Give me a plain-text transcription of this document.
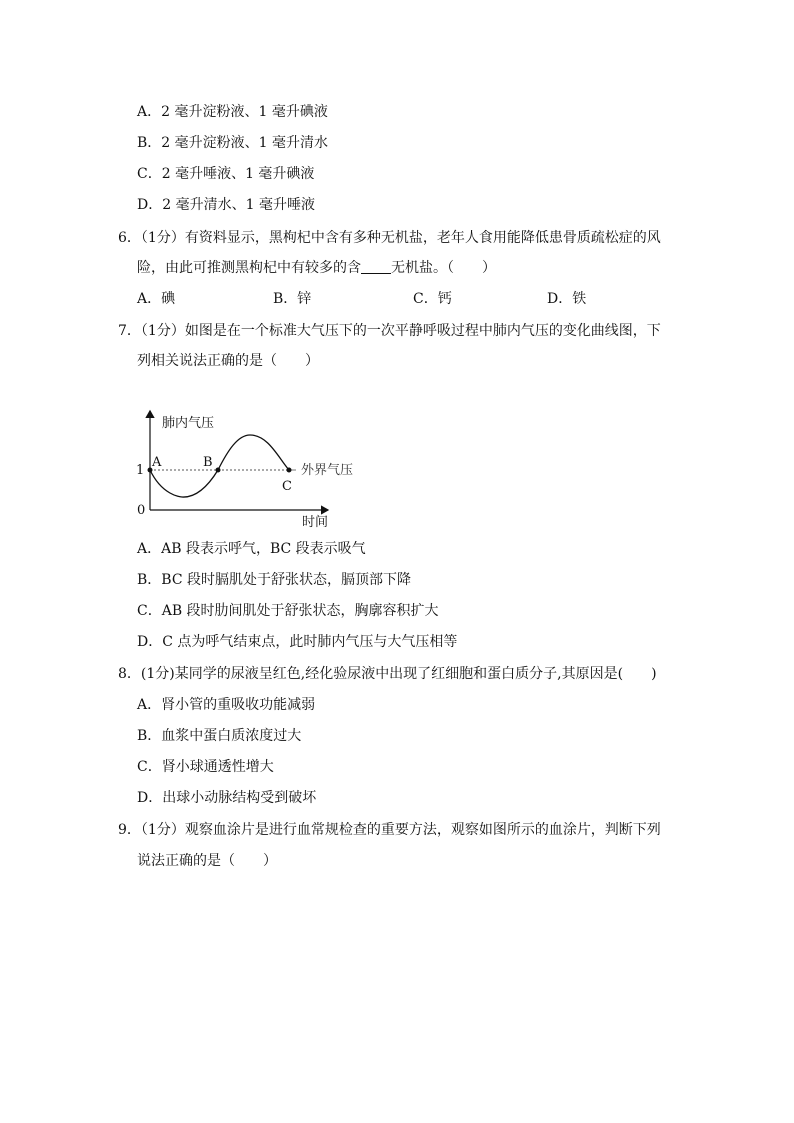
A．2 毫升淀粉液、1 毫升碘液
B．2 毫升淀粉液、1 毫升清水
C．2 毫升唾液、1 毫升碘液
D．2 毫升清水、1 毫升唾液
6．（1分）有资料显示，黑枸杞中含有多种无机盐，老年人食用能降低患骨质疏松症的风
险，由此可推测黑枸杞中有较多的含 无机盐。（　　）
A．碘	B．锌	C．钙	D．铁
7．（1分）如图是在一个标准大气压下的一次平静呼吸过程中肺内气压的变化曲线图，下
列相关说法正确的是（　　）
肺内气压
时间
1
0
A	B
C
外界气压
A．AB 段表示呼气，BC 段表示吸气
B．BC 段时膈肌处于舒张状态，膈顶部下降
C．AB 段时肋间肌处于舒张状态，胸廓容积扩大
D．C 点为呼气结束点，此时肺内气压与大气压相等
8．(1分)某同学的尿液呈红色,经化验尿液中出现了红细胞和蛋白质分子,其原因是(　　)
A．肾小管的重吸收功能减弱
B．血浆中蛋白质浓度过大
C．肾小球通透性增大
D．出球小动脉结构受到破坏
9．（1分）观察血涂片是进行血常规检查的重要方法，观察如图所示的血涂片，判断下列
说法正确的是（　　）
